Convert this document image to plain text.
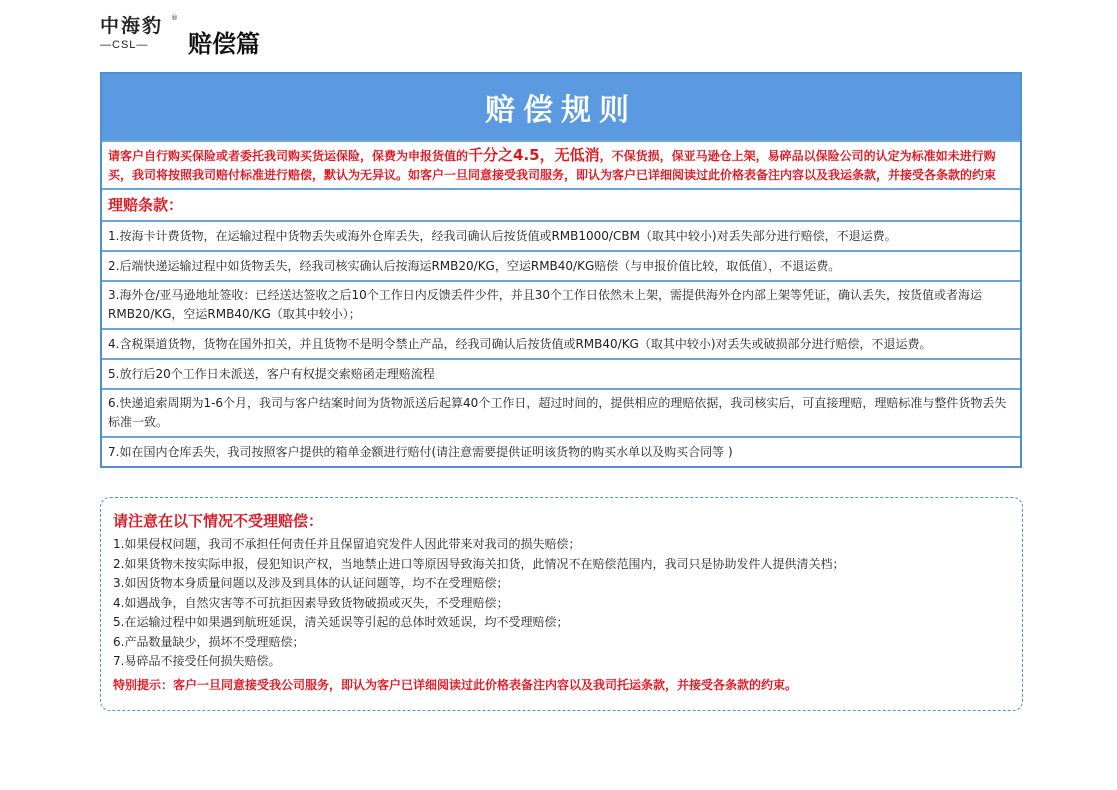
中海豹	®
—CSL—	赔偿篇
赔偿规则
请客户自行购买保险或者委托我司购买货运保险，保费为申报货值的千分之4.5，无低消，不保货损，保亚马逊仓上架，易碎品以保险公司的认定为标准如未进行购买，我司将按照我司赔付标准进行赔偿，默认为无异议。如客户一旦同意接受我司服务，即认为客户已详细阅读过此价格表备注内容以及我运条款，并接受各条款的约束
理赔条款：
1.按海卡计费货物，在运输过程中货物丢失或海外仓库丢失，经我司确认后按货值或RMB1000/CBM（取其中较小)对丢失部分进行赔偿，不退运费。
2.后端快递运输过程中如货物丢失，经我司核实确认后按海运RMB20/KG，空运RMB40/KG赔偿（与申报价值比较，取低值），不退运费。
3.海外仓/亚马逊地址签收：已经送达签收之后10个工作日内反馈丢件少件，并且30个工作日依然未上架，需提供海外仓内部上架等凭证，确认丢失，按货值或者海运RMB20/KG，空运RMB40/KG（取其中较小）；
4.含税渠道货物，货物在国外扣关，并且货物不是明令禁止产品，经我司确认后按货值或RMB40/KG（取其中较小)对丢失或破损部分进行赔偿，不退运费。
5.放行后20个工作日未派送，客户有权提交索赔函走理赔流程
6.快递追索周期为1-6个月，我司与客户结案时间为货物派送后起算40个工作日，超过时间的，提供相应的理赔依据，我司核实后，可直接理赔，理赔标准与整件货物丢失标准一致。
7.如在国内仓库丢失，我司按照客户提供的箱单金额进行赔付(请注意需要提供证明该货物的购买水单以及购买合同等 )
请注意在以下情况不受理赔偿：
1.如果侵权问题，我司不承担任何责任并且保留追究发件人因此带来对我司的损失赔偿；
2.如果货物未按实际申报，侵犯知识产权，当地禁止进口等原因导致海关扣货，此情况不在赔偿范围内，我司只是协助发件人提供清关档；
3.如因货物本身质量问题以及涉及到具体的认证问题等，均不在受理赔偿；
4.如遇战争，自然灾害等不可抗拒因素导致货物破损或灭失，不受理赔偿；
5.在运输过程中如果遇到航班延误，清关延误等引起的总体时效延误，均不受理赔偿；
6.产品数量缺少，损坏不受理赔偿；
7.易碎品不接受任何损失赔偿。
特别提示：客户一旦同意接受我公司服务，即认为客户已详细阅读过此价格表备注内容以及我司托运条款，并接受各条款的约束。
